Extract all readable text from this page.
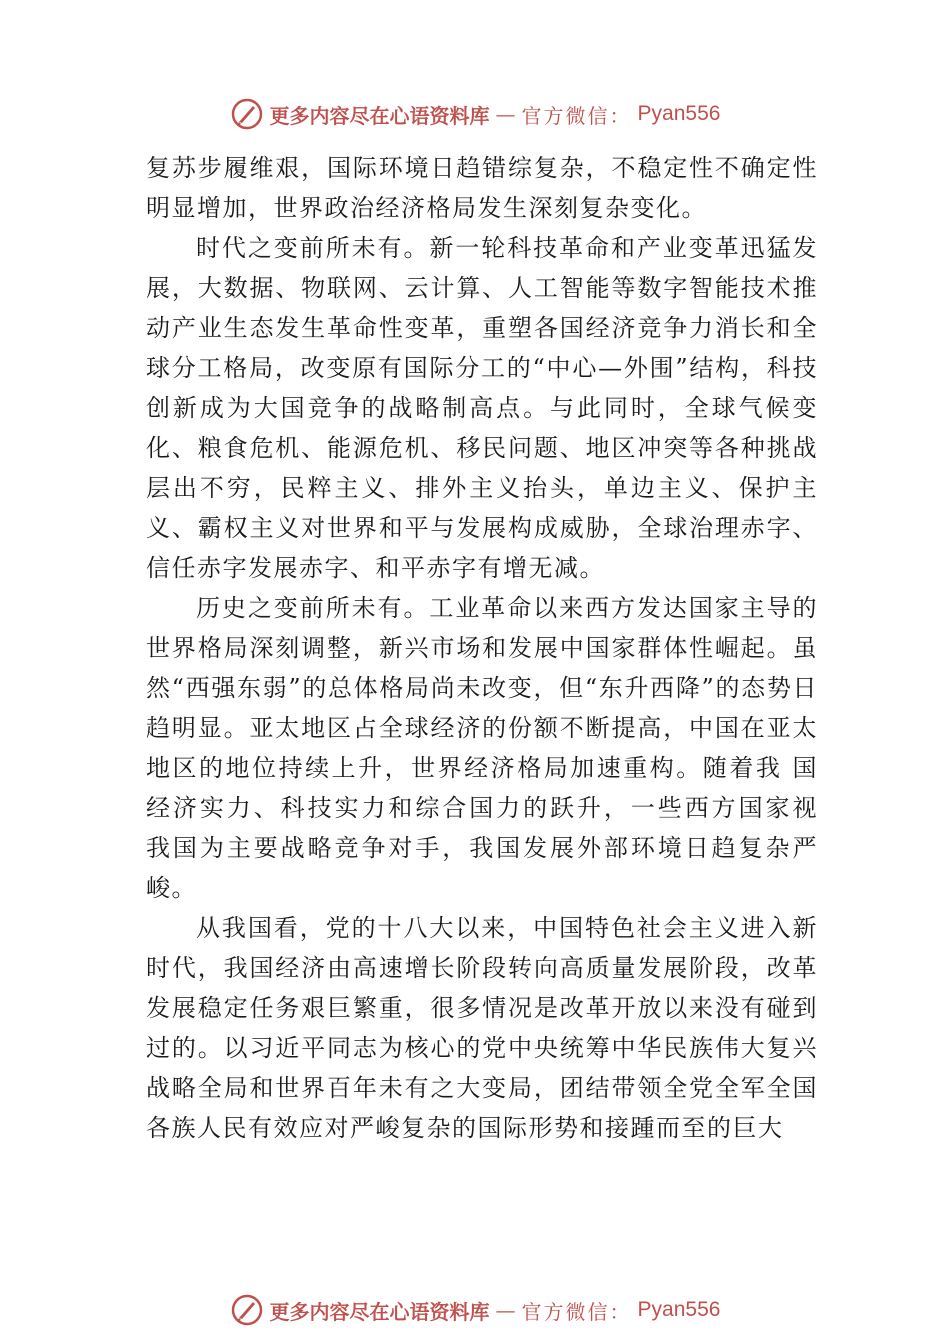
更多内容尽在心语资料库 — 官方微信： Pyan556

复苏步履维艰，国际环境日趋错综复杂，不稳定性不确定性明显增加，世界政治经济格局发生深刻复杂变化。

时代之变前所未有。新一轮科技革命和产业变革迅猛发展，大数据、物联网、云计算、人工智能等数字智能技术推 动产业生态发生革命性变革，重塑各国经济竞争力消长和全球分工格局，改变原有国际分工的“中心—外围”结构，科技创新成为大国竞争的战略制高点。与此同时，全球气候变化、粮食危机、能源危机、移民问题、地区冲突等各种挑战层出不穷，民粹主义、排外主义抬头，单边主义、保护主义、霸权主义对世界和平与发展构成威胁，全球治理赤字、信任赤字发展赤字、和平赤字有增无减。

历史之变前所未有。工业革命以来西方发达国家主导的世界格局深刻调整，新兴市场和发展中国家群体性崛起。虽然“西强东弱”的总体格局尚未改变，但“东升西降”的态势日趋明显。亚太地区占全球经济的份额不断提高，中国在亚太地区的地位持续上升，世界经济格局加速重构。随着我 国经济实力、科技实力和综合国力的跃升，一些西方国家视 我国为主要战略竞争对手，我国发展外部环境日趋复杂严峻。

从我国看，党的十八大以来，中国特色社会主义进入新时代，我国经济由高速增长阶段转向高质量发展阶段，改革发展稳定任务艰巨繁重，很多情况是改革开放以来没有碰到过的。以习近平同志为核心的党中央统筹中华民族伟大复兴战略全局和世界百年未有之大变局，团结带领全党全军全国各族人民有效应对严峻复杂的国际形势和接踵而至的巨大

更多内容尽在心语资料库 — 官方微信： Pyan556
